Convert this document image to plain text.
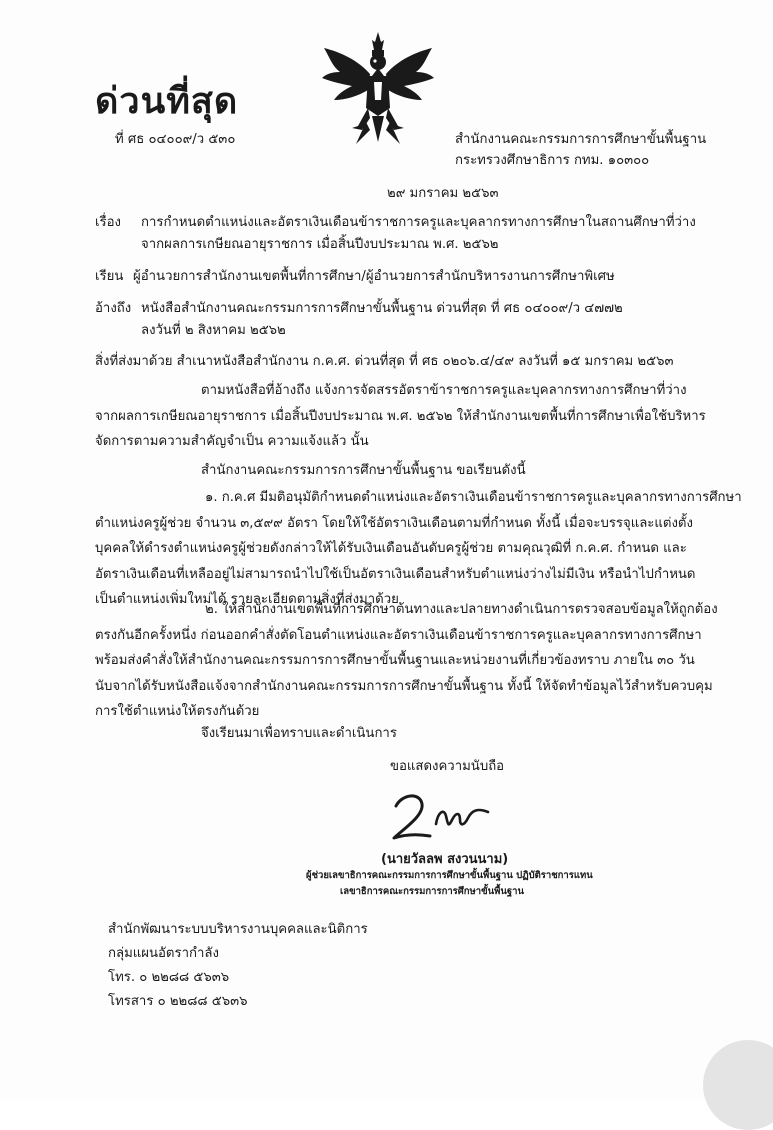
ด่วนที่สุด
ที่ ศธ ๐๔๐๐๙/ว ๕๓๐	สำนักงานคณะกรรมการการศึกษาขั้นพื้นฐาน
กระทรวงศึกษาธิการ กทม. ๑๐๓๐๐
๒๙ มกราคม ๒๕๖๓
เรื่อง การกำหนดตำแหน่งและอัตราเงินเดือนข้าราชการครูและบุคลากรทางการศึกษาในสถานศึกษาที่ว่าง
จากผลการเกษียณอายุราชการ เมื่อสิ้นปีงบประมาณ พ.ศ. ๒๕๖๒
เรียน ผู้อำนวยการสำนักงานเขตพื้นที่การศึกษา/ผู้อำนวยการสำนักบริหารงานการศึกษาพิเศษ
อ้างถึง หนังสือสำนักงานคณะกรรมการการศึกษาขั้นพื้นฐาน ด่วนที่สุด ที่ ศธ ๐๔๐๐๙/ว ๔๗๗๒
ลงวันที่ ๒ สิงหาคม ๒๕๖๒
สิ่งที่ส่งมาด้วย สำเนาหนังสือสำนักงาน ก.ค.ศ. ด่วนที่สุด ที่ ศธ ๐๒๐๖.๔/๔๙ ลงวันที่ ๑๕ มกราคม ๒๕๖๓
ตามหนังสือที่อ้างถึง แจ้งการจัดสรรอัตราข้าราชการครูและบุคลากรทางการศึกษาที่ว่าง
จากผลการเกษียณอายุราชการ เมื่อสิ้นปีงบประมาณ พ.ศ. ๒๕๖๒ ให้สำนักงานเขตพื้นที่การศึกษาเพื่อใช้บริหาร
จัดการตามความสำคัญจำเป็น ความแจ้งแล้ว นั้น
สำนักงานคณะกรรมการการศึกษาขั้นพื้นฐาน ขอเรียนดังนี้
๑. ก.ค.ศ มีมติอนุมัติกำหนดตำแหน่งและอัตราเงินเดือนข้าราชการครูและบุคลากรทางการศึกษา
ตำแหน่งครูผู้ช่วย จำนวน ๓,๕๙๙ อัตรา โดยให้ใช้อัตราเงินเดือนตามที่กำหนด ทั้งนี้ เมื่อจะบรรจุและแต่งตั้ง
บุคคลให้ดำรงตำแหน่งครูผู้ช่วยดังกล่าวให้ได้รับเงินเดือนอันดับครูผู้ช่วย ตามคุณวุฒิที่ ก.ค.ศ. กำหนด และ
อัตราเงินเดือนที่เหลืออยู่ไม่สามารถนำไปใช้เป็นอัตราเงินเดือนสำหรับตำแหน่งว่างไม่มีเงิน หรือนำไปกำหนด
เป็นตำแหน่งเพิ่มใหม่ได้ รายละเอียดตามสิ่งที่ส่งมาด้วย
๒. ให้สำนักงานเขตพื้นที่การศึกษาต้นทางและปลายทางดำเนินการตรวจสอบข้อมูลให้ถูกต้อง
ตรงกันอีกครั้งหนึ่ง ก่อนออกคำสั่งตัดโอนตำแหน่งและอัตราเงินเดือนข้าราชการครูและบุคลากรทางการศึกษา
พร้อมส่งคำสั่งให้สำนักงานคณะกรรมการการศึกษาขั้นพื้นฐานและหน่วยงานที่เกี่ยวข้องทราบ ภายใน ๓๐ วัน
นับจากได้รับหนังสือแจ้งจากสำนักงานคณะกรรมการการศึกษาขั้นพื้นฐาน ทั้งนี้ ให้จัดทำข้อมูลไว้สำหรับควบคุม
การใช้ตำแหน่งให้ตรงกันด้วย
จึงเรียนมาเพื่อทราบและดำเนินการ
ขอแสดงความนับถือ
(นายวัลลพ สงวนนาม)
ผู้ช่วยเลขาธิการคณะกรรมการการศึกษาขั้นพื้นฐาน ปฏิบัติราชการแทน
เลขาธิการคณะกรรมการการศึกษาขั้นพื้นฐาน
สำนักพัฒนาระบบบริหารงานบุคคลและนิติการ
กลุ่มแผนอัตรากำลัง
โทร. ๐ ๒๒๘๘ ๕๖๓๖
โทรสาร ๐ ๒๒๘๘ ๕๖๓๖
